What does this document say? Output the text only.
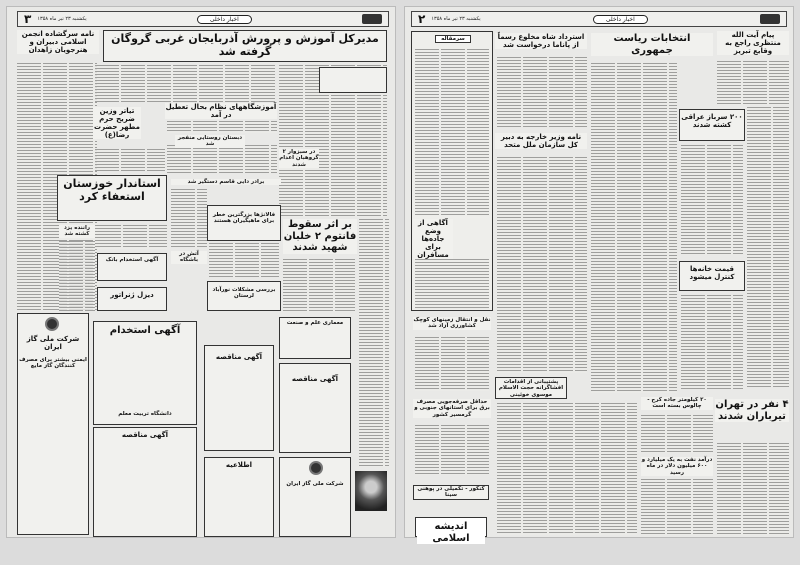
اخبار داخلی
یکشنبه ۲۳ تیر ماه ۱۳۵۸
۳
مدیرکل آموزش و پرورش آذربایجان غربی گروگان گرفته شد
نامه سرگشاده انجمن اسلامی دبیران و هنرجویان زاهدان
آموزشگاههای نظام بحال تعطیل در آمد
دبستان روستایی منفجر شد
تیاتر وزین ضریح حرم مطهر حضرت رضا(ع)
در سبزوار ۲ گروهبان اعدام شدند
استاندار خوزستان استعفاء کرد
برادر دایی قاسم دستگیر شد
فالانژها بزرگترین خطر برای ماهیگیران هستند	بر اثر سقوط فانتوم ۲ خلبان شهید شدند
راننده یزد کشته شد
آتش در باشگاه
آگهی استخدام بانک
دیزل ژنراتور
بررسی مشکلات نورآباد لرستان
شرکت ملی گاز ایران
ایمنی بیشتر برای مصرف کنندگان گاز مایع
آگهی استخدام
دانشگاه تربیت معلم
آگهی مناقصه
آگهی مناقصه
اطلاعیه
معماری علم و صنعت
آگهی مناقصه
شرکت ملی گاز ایران
اخبار داخلی
یکشنبه ۲۳ تیر ماه ۱۳۵۸
۲
سرمقاله
آگاهی از وضع جاده‌ها برای مسافران
استرداد شاه مخلوع رسماً از پاناما درخواست شد
انتخابات ریاست جمهوری
پیام آیت الله منتظری راجع به وقایع تبریز
نامه وزیر خارجه به دبیر کل سازمان ملل متحد
۲۰۰ سرباز عراقی کشته شدند
قیمت خانه‌ها کنترل میشود
نقل و انتقال زمینهای کوچک کشاورزی آزاد شد
حداقل صرفه‌جویی مصرف برق برای استانهای جنوبی و گرمسیر کشور
کنکور - تکمیلی در پوهنی سینا
اندیشه اسلامی
پشتیبانی از اقدامات افشاگرانه حجت الاسلام موسوی خوئینی
۲۰ کیلومتر جاده کرج - چالوس بسته است
درآمد نفت به یک میلیارد و ۶۰۰ میلیون دلار در ماه رسید
۴ نفر در تهران تیرباران شدند
